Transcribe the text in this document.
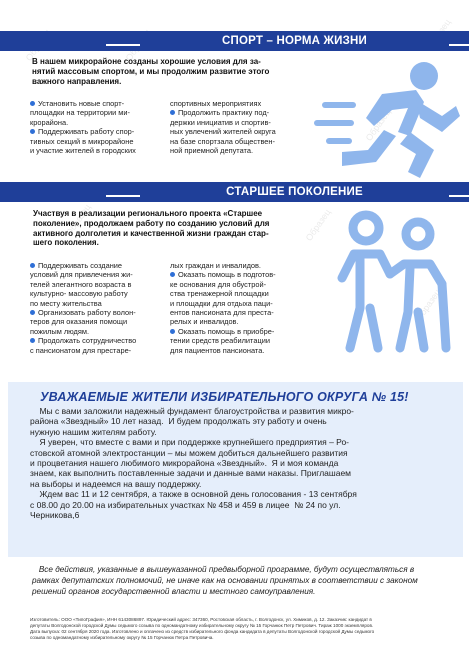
Образец
Образец	Образец
Образец
СПОРТ – НОРМА ЖИЗНИ
В нашем микрорайоне созданы хорошие условия для за-
нятий массовым спортом, и мы продолжим развитие этого
важного направления.
Установить новые спорт-
площадки на территории ми-
крорайона.
Поддерживать работу спор-
тивных секций в микрорайоне
и участие жителей в городских
спортивных мероприятиях
Продолжить практику под-
держки инициатив и спортив-
ных увлечений жителей округа
на базе спортзала обществен-
ной приемной депутата.
СТАРШЕЕ ПОКОЛЕНИЕ
Участвуя в реализации регионального проекта «Старшее
поколение», продолжаем работу по созданию условий для
активного долголетия и качественной жизни граждан стар-
шего поколения.
Поддерживать создание
условий для привлечения жи-
телей элегантного возраста в
культурно- массовую работу
по месту жительства
Организовать работу волон-
теров для оказания помощи
пожилым людям.
Продолжать сотрудничество
с пансионатом для престаре-
лых граждан и инвалидов.
Оказать помощь в подготов-
ке основания для обустрой-
ства тренажерной площадки
и площадки для отдыха паци-
ентов пансионата для преста-
релых и инвалидов.
Оказать помощь в приобре-
тении средств реабилитации
для пациентов пансионата.
УВАЖАЕМЫЕ ЖИТЕЛИ ИЗБИРАТЕЛЬНОГО ОКРУГА № 15!
Мы с вами заложили надежный фундамент благоустройства и развития микро-
района «Звездный» 10 лет назад.  И будем продолжать эту работу и очень
нужную нашим жителям работу.
Я уверен, что вместе с вами и при поддержке крупнейшего предприятия – Ро-
стовской атомной электростанции – мы можем добиться дальнейшего развития
и процветания нашего любимого микрорайона «Звездный».  Я и моя команда
знаем, как выполнить поставленные задачи и данные вами наказы. Приглашаем
на выборы и надеемся на вашу поддержку.
Ждем вас 11 и 12 сентября, а также в основной день голосования - 13 сентября
с 08.00 до 20.00 на избирательных участках № 458 и 459 в лицее  № 24 по ул.
Черникова,6
Все действия, указанные в вышеуказанной предвыборной программе, будут осуществляться в
рамках депутатских полномочий, не иначе как на основании принятых в соответствии с законом
решений органов государственной власти и местного самоуправления.
Изготовитель: ООО «ТипоГрафия», ИНН 6143086897. Юридический адрес: 347360, Ростовская область, г. Волгодонск, ул. Химиков, д. 12. Заказчик: кандидат в
депутаты Волгодонской городской Думы седьмого созыва по одномандатному избирательному округу № 15 Горчанюк Петр Петрович. Тираж 1000 экземпляров.
Дата выпуска: 02 сентября 2020 года. Изготовлено и оплачено из средств избирательного фонда кандидата в депутаты Волгодонской городской Думы седьмого
созыва по одномандатному избирательному округу № 15 Горчанюк Петра Петровича.
